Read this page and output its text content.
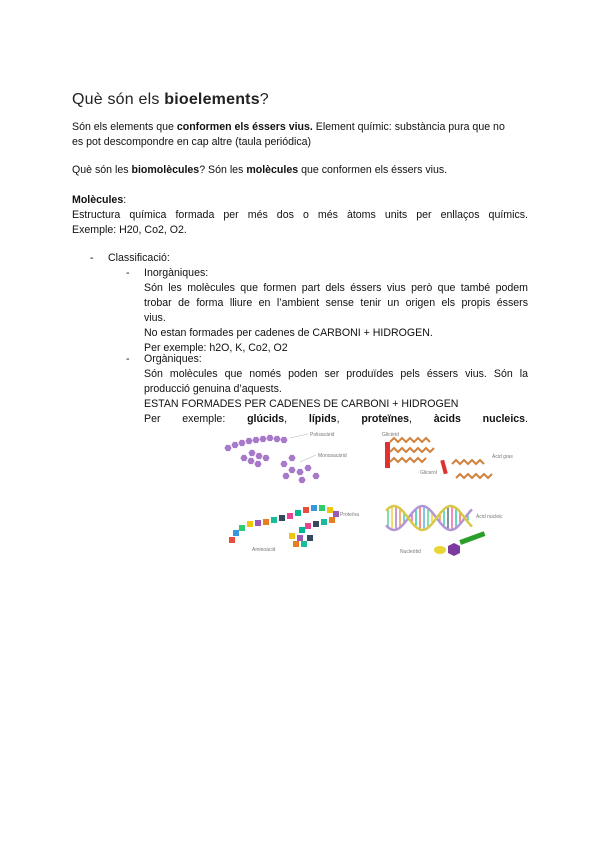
Què són els bioelements?
Són els elements que conformen els éssers vius. Element químic: substància pura que no
es pot descompondre en cap altre (taula periódica)
Què són les biomolècules? Són les molècules que conformen els éssers vius.
Molècules:
Estructura química formada per més dos o més àtoms units per enllaços químics.
Exemple: H20, Co2, O2.
- Classificació:
- Inorgàniques:
Són les molècules que formen part dels éssers vius però que també podem
trobar de forma lliure en l’ambient sense tenir un origen els propis éssers
vius.
No estan formades per cadenes de CARBONI + HIDROGEN.
Per exemple: h2O, K, Co2, O2
- Orgàniques:
Són molècules que només poden ser produïdes pels éssers vius. Són la
producció genuina d’aquests.
ESTAN FORMADES PER CADENES DE CARBONI + HIDROGEN
Per exemple: glúcids, lípids, proteïnes, àcids nucleics.
Polisacàrid
Monosacàrid
Glicèrid
Glicerol
Àcid gras
Proteïna
Aminoàcid
Àcid nucleic
Nucleòtid
